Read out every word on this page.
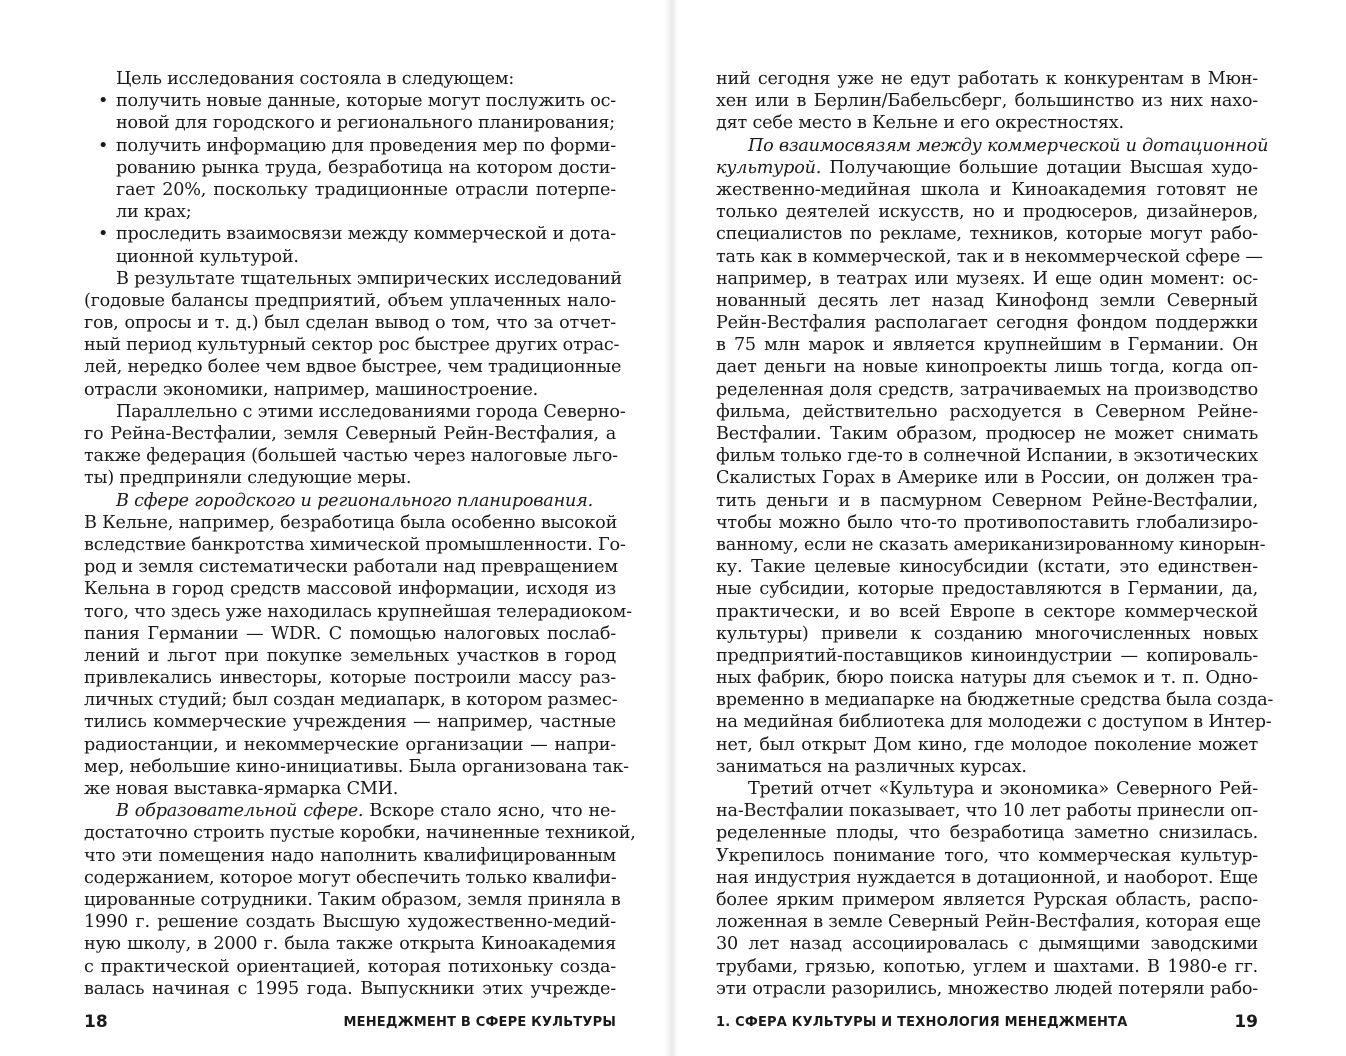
Цель исследования состояла в следующем:
• получить новые данные, которые могут послужить ос-
новой для городского и регионального планирования;
• получить информацию для проведения мер по форми-
рованию рынка труда, безработица на котором дости-
гает 20%, поскольку традиционные отрасли потерпе-
ли крах;
• проследить взаимосвязи между коммерческой и дота-
ционной культурой.
В результате тщательных эмпирических исследований
(годовые балансы предприятий, объем уплаченных нало-
гов, опросы и т. д.) был сделан вывод о том, что за отчет-
ный период культурный сектор рос быстрее других отрас-
лей, нередко более чем вдвое быстрее, чем традиционные
отрасли экономики, например, машиностроение.
Параллельно с этими исследованиями города Северно-
го Рейна-Вестфалии, земля Северный Рейн-Вестфалия, а
также федерация (большей частью через налоговые льго-
ты) предприняли следующие меры.
В сфере городского и регионального планирования.
В Кельне, например, безработица была особенно высокой
вследствие банкротства химической промышленности. Го-
род и земля систематически работали над превращением
Кельна в город средств массовой информации, исходя из
того, что здесь уже находилась крупнейшая телерадиоком-
пания Германии — WDR. С помощью налоговых послаб-
лений и льгот при покупке земельных участков в город
привлекались инвесторы, которые построили массу раз-
личных студий; был создан медиапарк, в котором размес-
тились коммерческие учреждения — например, частные
радиостанции, и некоммерческие организации — напри-
мер, небольшие кино-инициативы. Была организована так-
же новая выставка-ярмарка СМИ.
В образовательной сфере. Вскоре стало ясно, что не-
достаточно строить пустые коробки, начиненные техникой,
что эти помещения надо наполнить квалифицированным
содержанием, которое могут обеспечить только квалифи-
цированные сотрудники. Таким образом, земля приняла в
1990 г. решение создать Высшую художественно-медий-
ную школу, в 2000 г. была также открыта Киноакадемия
с практической ориентацией, которая потихоньку созда-
валась начиная с 1995 года. Выпускники этих учрежде-
ний сегодня уже не едут работать к конкурентам в Мюн-
хен или в Берлин/Бабельсберг, большинство из них нахо-
дят себе место в Кельне и его окрестностях.
По взаимосвязям между коммерческой и дотационной
культурой. Получающие большие дотации Высшая худо-
жественно-медийная школа и Киноакадемия готовят не
только деятелей искусств, но и продюсеров, дизайнеров,
специалистов по рекламе, техников, которые могут рабо-
тать как в коммерческой, так и в некоммерческой сфере —
например, в театрах или музеях. И еще один момент: ос-
нованный десять лет назад Кинофонд земли Северный
Рейн-Вестфалия располагает сегодня фондом поддержки
в 75 млн марок и является крупнейшим в Германии. Он
дает деньги на новые кинопроекты лишь тогда, когда оп-
ределенная доля средств, затрачиваемых на производство
фильма, действительно расходуется в Северном Рейне-
Вестфалии. Таким образом, продюсер не может снимать
фильм только где-то в солнечной Испании, в экзотических
Скалистых Горах в Америке или в России, он должен тра-
тить деньги и в пасмурном Северном Рейне-Вестфалии,
чтобы можно было что-то противопоставить глобализиро-
ванному, если не сказать американизированному кинорын-
ку. Такие целевые киносубсидии (кстати, это единствен-
ные субсидии, которые предоставляются в Германии, да,
практически, и во всей Европе в секторе коммерческой
культуры) привели к созданию многочисленных новых
предприятий-поставщиков киноиндустрии — копироваль-
ных фабрик, бюро поиска натуры для съемок и т. п. Одно-
временно в медиапарке на бюджетные средства была созда-
на медийная библиотека для молодежи с доступом в Интер-
нет, был открыт Дом кино, где молодое поколение может
заниматься на различных курсах.
Третий отчет «Культура и экономика» Северного Рей-
на-Вестфалии показывает, что 10 лет работы принесли оп-
ределенные плоды, что безработица заметно снизилась.
Укрепилось понимание того, что коммерческая культур-
ная индустрия нуждается в дотационной, и наоборот. Еще
более ярким примером является Рурская область, распо-
ложенная в земле Северный Рейн-Вестфалия, которая еще
30 лет назад ассоциировалась с дымящими заводскими
трубами, грязью, копотью, углем и шахтами. В 1980-е гг.
эти отрасли разорились, множество людей потеряли рабо-
18	МЕНЕДЖМЕНТ В СФЕРЕ КУЛЬТУРЫ	1. СФЕРА КУЛЬТУРЫ И ТЕХНОЛОГИЯ МЕНЕДЖМЕНТА	19
